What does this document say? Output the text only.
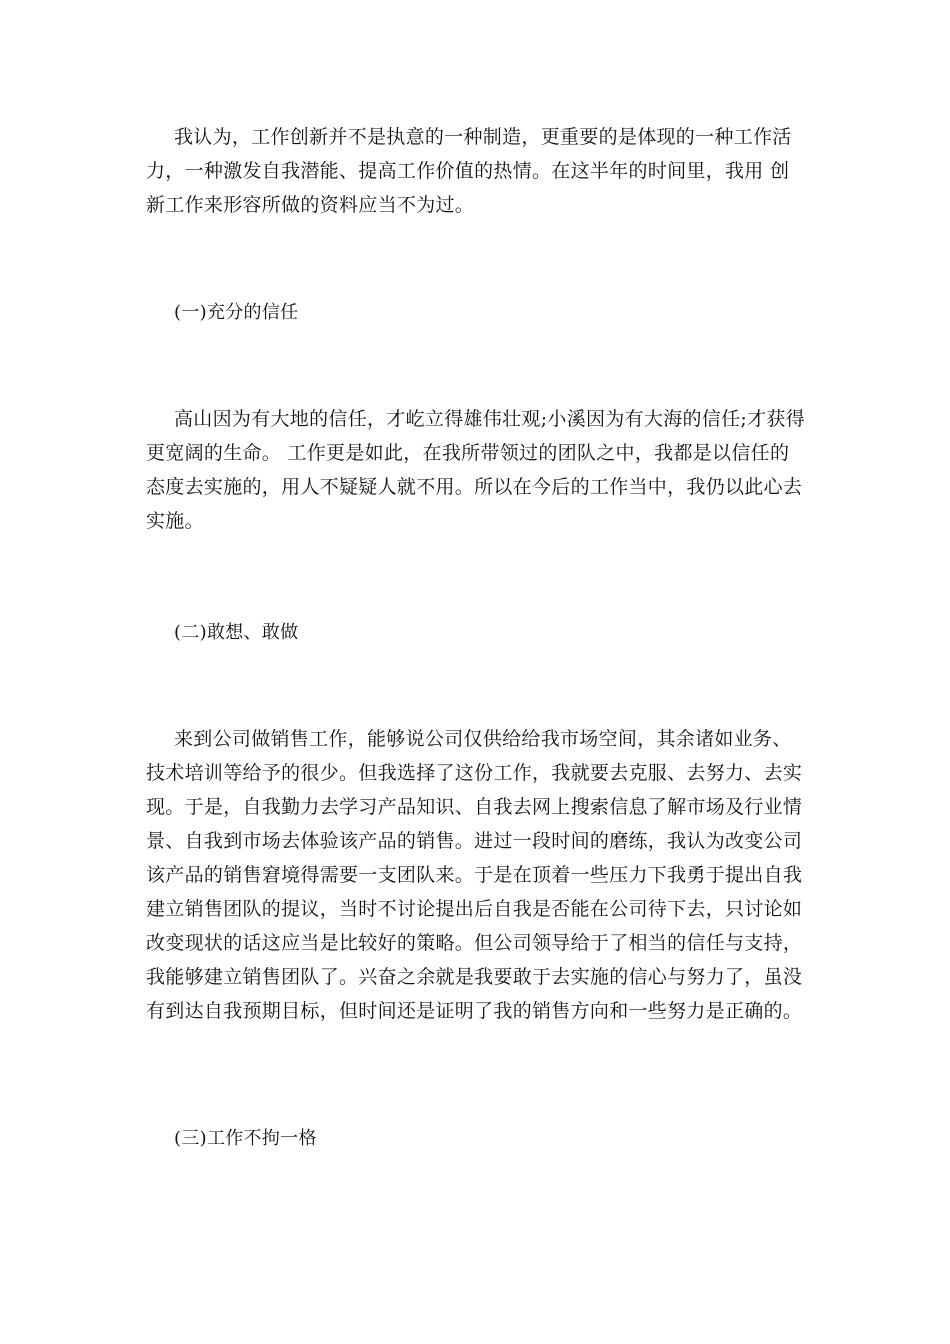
我认为，工作创新并不是执意的一种制造，更重要的是体现的一种工作活力，一种激发自我潜能、提高工作价值的热情。在这半年的时间里，我用 创新工作来形容所做的资料应当不为过。

(一)充分的信任

高山因为有大地的信任，才屹立得雄伟壮观;小溪因为有大海的信任;才获得更宽阔的生命。 工作更是如此，在我所带领过的团队之中，我都是以信任的态度去实施的，用人不疑疑人就不用。所以在今后的工作当中，我仍以此心去实施。

(二)敢想、敢做

来到公司做销售工作，能够说公司仅供给给我市场空间，其余诸如业务、技术培训等给予的很少。但我选择了这份工作，我就要去克服、去努力、去实现。于是，自我勤力去学习产品知识、自我去网上搜索信息了解市场及行业情景、自我到市场去体验该产品的销售。进过一段时间的磨练，我认为改变公司该产品的销售窘境得需要一支团队来。于是在顶着一些压力下我勇于提出自我建立销售团队的提议，当时不讨论提出后自我是否能在公司待下去，只讨论如改变现状的话这应当是比较好的策略。但公司领导给于了相当的信任与支持，我能够建立销售团队了。兴奋之余就是我要敢于去实施的信心与努力了，虽没有到达自我预期目标，但时间还是证明了我的销售方向和一些努力是正确的。

(三)工作不拘一格
